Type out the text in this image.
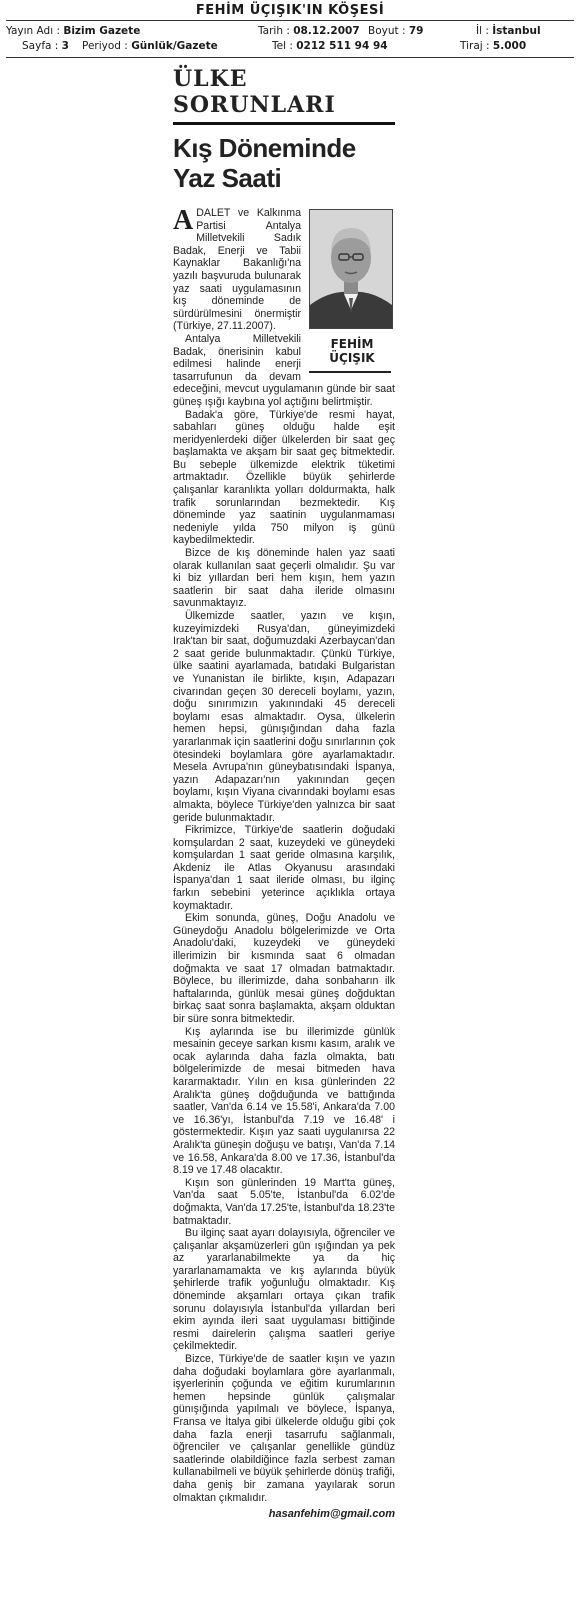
FEHİM ÜÇIŞIK'IN KÖŞESİ
Yayın Adı : Bizim Gazete	Tarih : 08.12.2007 Boyut : 79	İl : İstanbul
Sayfa : 3 Periyod : Günlük/Gazete	Tel : 0212 511 94 94	Tiraj : 5.000
ÜLKE SORUNLARI
Kış Döneminde
Yaz Saati
FEHİM
ÜÇIŞIK

ADALET ve Kalkınma Partisi Antalya Milletvekili Sadık Badak, Enerji ve Tabii Kaynaklar Bakanlığı'na yazılı başvuruda bulunarak yaz saati uygulamasının kış döneminde de sürdürülmesini önermiştir (Türkiye, 27.11.2007).

Antalya Milletvekili Badak, önerisinin kabul edilmesi halinde enerji tasarrufunun da devam edeceğini, mevcut uygulamanın günde bir saat güneş ışığı kaybına yol açtığını belirtmiştir.

Badak'a göre, Türkiye'de resmi hayat, sabahları güneş olduğu halde eşit meridyenlerdeki diğer ülkelerden bir saat geç başlamakta ve akşam bir saat geç bitmektedir. Bu sebeple ülkemizde elektrik tüketimi artmaktadır. Özellikle büyük şehirlerde çalışanlar karanlıkta yolları doldurmakta, halk trafik sorunlarından bezmektedir. Kış döneminde yaz saatinin uygulanmaması nedeniyle yılda 750 milyon iş günü kaybedilmektedir.

Bizce de kış döneminde halen yaz saati olarak kullanılan saat geçerli olmalıdır. Şu var ki biz yıllardan beri hem kışın, hem yazın saatlerin bir saat daha ileride olmasını savunmaktayız.

Ülkemizde saatler, yazın ve kışın, kuzeyimizdeki Rusya'dan, güneyimizdeki Irak'tan bir saat, doğumuzdaki Azerbaycan'dan 2 saat geride bulunmaktadır. Çünkü Türkiye, ülke saatini ayarlamada, batıdaki Bulgaristan ve Yunanistan ile birlikte, kışın, Adapazarı civarından geçen 30 dereceli boylamı, yazın, doğu sınırımızın yakınındaki 45 dereceli boylamı esas almaktadır. Oysa, ülkelerin hemen hepsi, günışığından daha fazla yararlanmak için saatlerini doğu sınırlarının çok ötesindeki boylamlara göre ayarlamaktadır. Mesela Avrupa'nın güneybatısındaki İspanya, yazın Adapazarı'nın yakınından geçen boylamı, kışın Viyana civarındaki boylamı esas almakta, böylece Türkiye'den yalnızca bir saat geride bulunmaktadır.

Fikrimizce, Türkiye'de saatlerin doğudaki komşulardan 2 saat, kuzeydeki ve güneydeki komşulardan 1 saat geride olmasına karşılık, Akdeniz ile Atlas Okyanusu arasındaki İspanya'dan 1 saat ileride olması, bu ilginç farkın sebebini yeterince açıklıkla ortaya koymaktadır.

Ekim sonunda, güneş, Doğu Anadolu ve Güneydoğu Anadolu bölgelerimizde ve Orta Anadolu'daki, kuzeydeki ve güneydeki illerimizin bir kısmında saat 6 olmadan doğmakta ve saat 17 olmadan batmaktadır. Böylece, bu illerimizde, daha sonbaharın ilk haftalarında, günlük mesai güneş doğduktan birkaç saat sonra başlamakta, akşam olduktan bir süre sonra bitmektedir.

Kış aylarında ise bu illerimizde günlük mesainin geceye sarkan kısmı kasım, aralık ve ocak aylarında daha fazla olmakta, batı bölgelerimizde de mesai bitmeden hava kararmaktadır. Yılın en kısa günlerinden 22 Aralık'ta güneş doğduğunda ve battığında saatler, Van'da 6.14 ve 15.58'i, Ankara'da 7.00 ve 16.36'yı, İstanbul'da 7.19 ve 16.48' i göstermektedir. Kışın yaz saati uygulanırsa 22 Aralık'ta güneşin doğuşu ve batışı, Van'da 7.14 ve 16.58, Ankara'da 8.00 ve 17.36, İstanbul'da 8.19 ve 17.48 olacaktır.

Kışın son günlerinden 19 Mart'ta güneş, Van'da saat 5.05'te, İstanbul'da 6.02'de doğmakta, Van'da 17.25'te, İstanbul'da 18.23'te batmaktadır.

Bu ilginç saat ayarı dolayısıyla, öğrenciler ve çalışanlar akşamüzerleri gün ışığından ya pek az yararlanabilmekte ya da hiç yararlanamamakta ve kış aylarında büyük şehirlerde trafik yoğunluğu olmaktadır. Kış döneminde akşamları ortaya çıkan trafik sorunu dolayısıyla İstanbul'da yıllardan beri ekim ayında ileri saat uygulaması bittiğinde resmi dairelerin çalışma saatleri geriye çekilmektedir.

Bizce, Türkiye'de de saatler kışın ve yazın daha doğudaki boylamlara göre ayarlanmalı, işyerlerinin çoğunda ve eğitim kurumlarının hemen hepsinde günlük çalışmalar günışığında yapılmalı ve böylece, İspanya, Fransa ve İtalya gibi ülkelerde olduğu gibi çok daha fazla enerji tasarrufu sağlanmalı, öğrenciler ve çalışanlar genellikle gündüz saatlerinde olabildiğince fazla serbest zaman kullanabilmeli ve büyük şehirlerde dönüş trafiği, daha geniş bir zamana yayılarak sorun olmaktan çıkmalıdır.

hasanfehim@gmail.com
